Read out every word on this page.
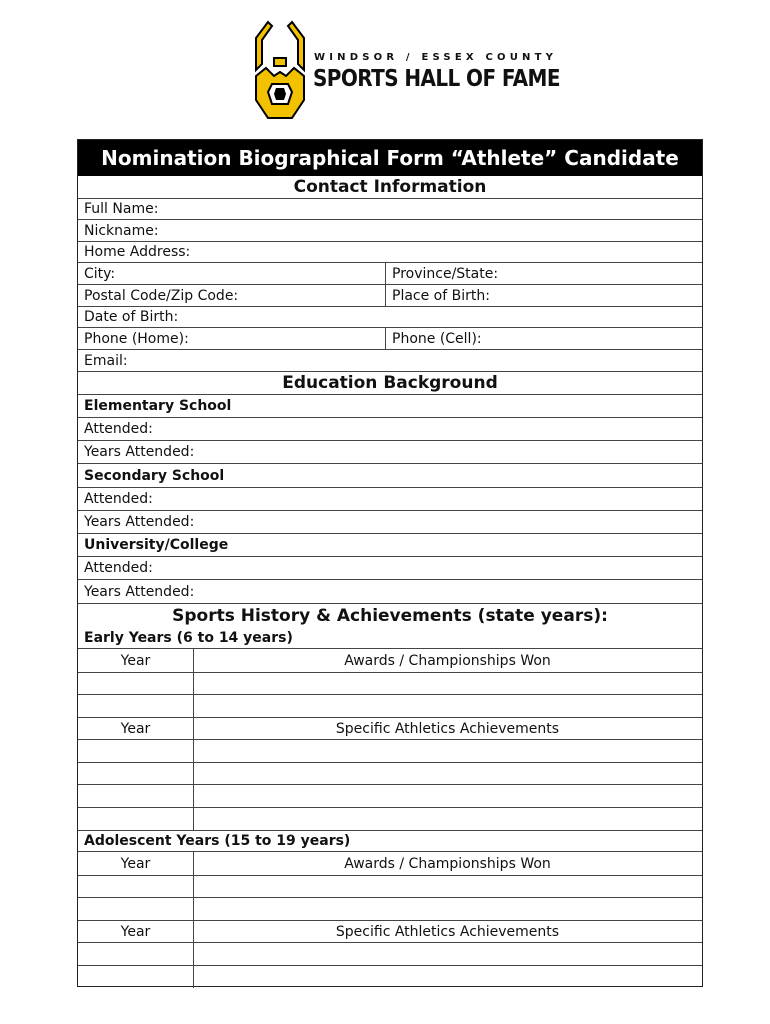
WINDSOR / ESSEX COUNTY
SPORTS HALL OF FAME
Nomination Biographical Form “Athlete” Candidate
Contact Information
Full Name:
Nickname:
Home Address:
City:	Province/State:
Postal Code/Zip Code:	Place of Birth:
Date of Birth:
Phone (Home):	Phone (Cell):
Email:
Education Background
Elementary School
Attended:
Years Attended:
Secondary School
Attended:
Years Attended:
University/College
Attended:
Years Attended:
Sports History & Achievements (state years):
Early Years (6 to 14 years)
Year	Awards / Championships Won
Year	Specific Athletics Achievements
Adolescent Years (15 to 19 years)
Year	Awards / Championships Won
Year	Specific Athletics Achievements
